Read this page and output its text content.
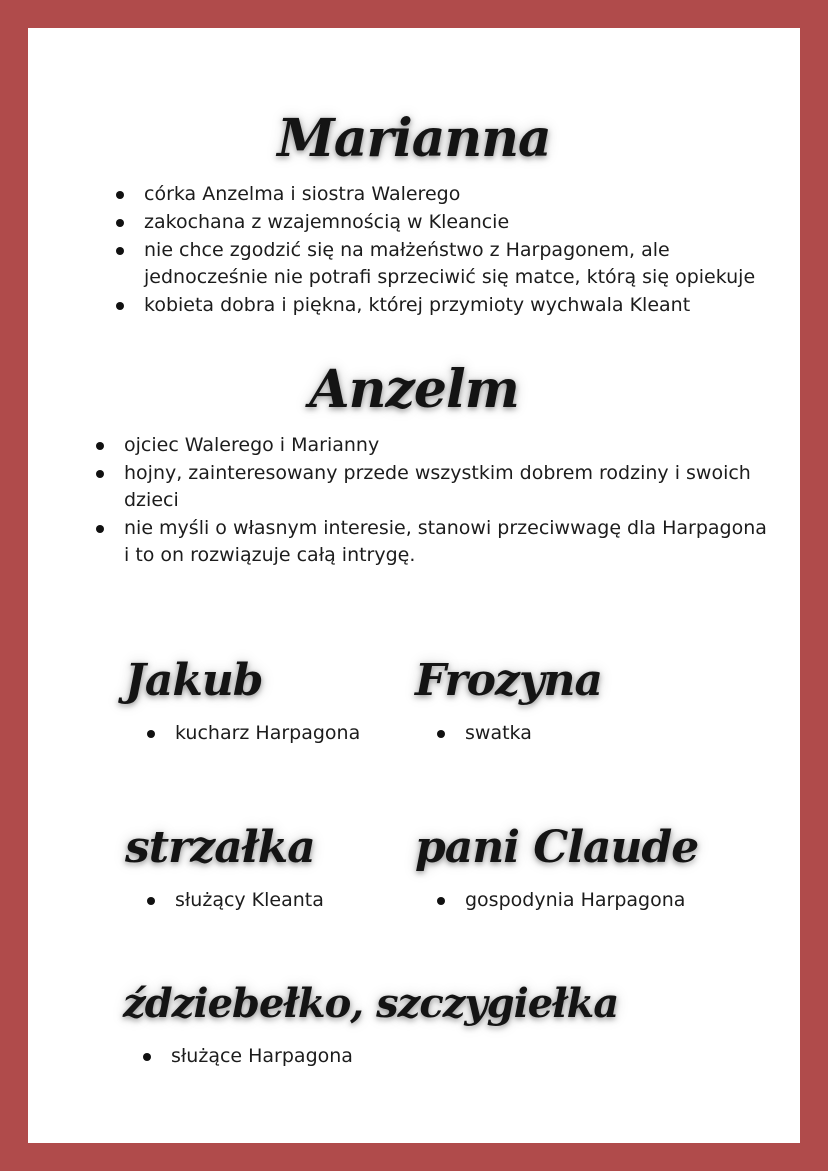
Marianna
córka Anzelma i siostra Walerego
zakochana z wzajemnością w Kleancie
nie chce zgodzić się na małżeństwo z Harpagonem, ale jednocześnie nie potrafi sprzeciwić się matce, którą się opiekuje
kobieta dobra i piękna, której przymioty wychwala Kleant
Anzelm
ojciec Walerego i Marianny
hojny, zainteresowany przede wszystkim dobrem rodziny i swoich dzieci
nie myśli o własnym interesie, stanowi przeciwwagę dla Harpagona i to on rozwiązuje całą intrygę.
Jakub
kucharz Harpagona
Frozyna
swatka
strzałka
służący Kleanta
pani Claude
gospodynia Harpagona
ździebełko, szczygiełka
służące Harpagona
